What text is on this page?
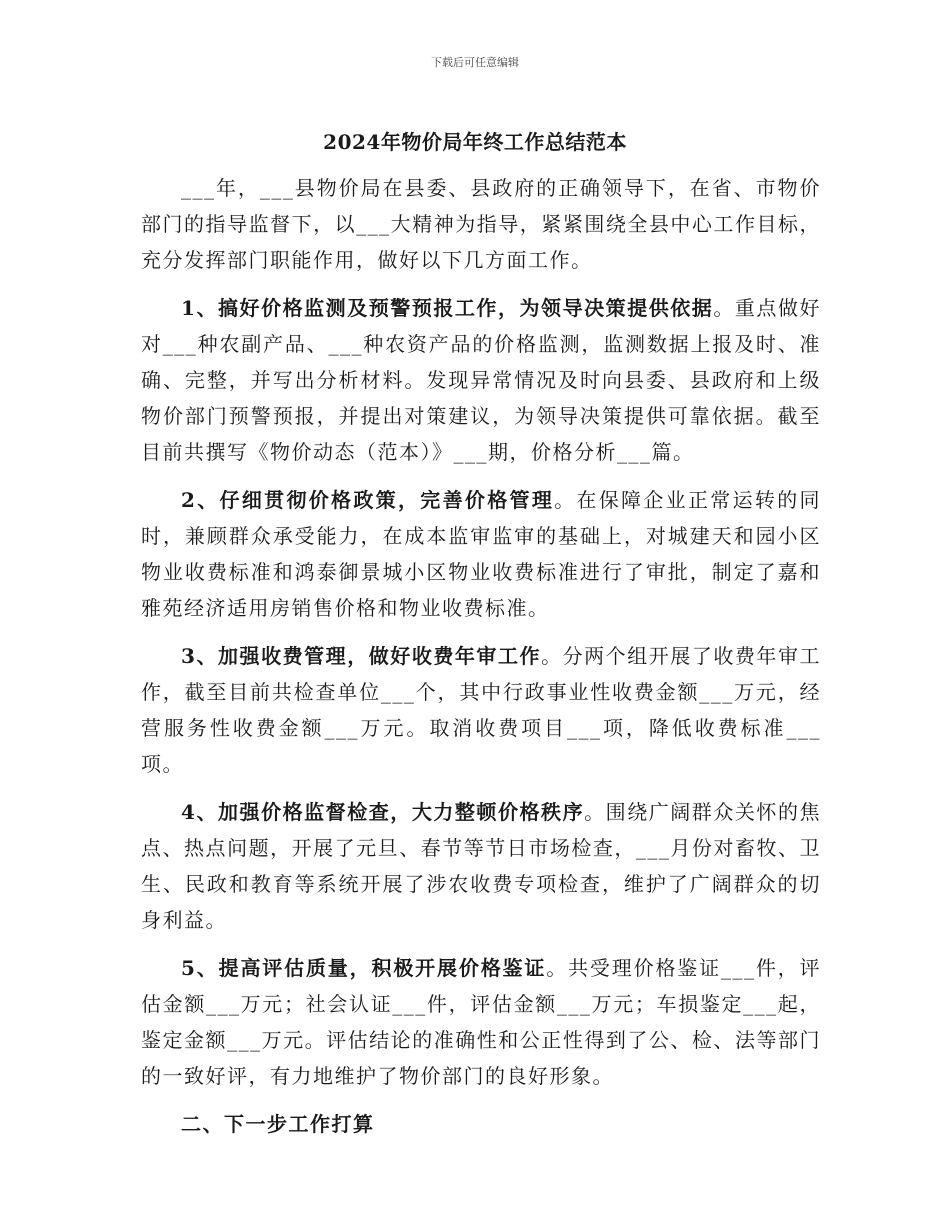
下载后可任意编辑
2024年物价局年终工作总结范本

___年，___县物价局在县委、县政府的正确领导下，在省、市物价部门的指导监督下，以___大精神为指导，紧紧围绕全县中心工作目标，充分发挥部门职能作用，做好以下几方面工作。

1、搞好价格监测及预警预报工作，为领导决策提供依据。重点做好对___种农副产品、___种农资产品的价格监测，监测数据上报及时、准确、完整，并写出分析材料。发现异常情况及时向县委、县政府和上级物价部门预警预报，并提出对策建议，为领导决策提供可靠依据。截至目前共撰写《物价动态（范本）》___期，价格分析___篇。

2、仔细贯彻价格政策，完善价格管理。在保障企业正常运转的同时，兼顾群众承受能力，在成本监审监审的基础上，对城建天和园小区物业收费标准和鸿泰御景城小区物业收费标准进行了审批，制定了嘉和雅苑经济适用房销售价格和物业收费标准。

3、加强收费管理，做好收费年审工作。分两个组开展了收费年审工作，截至目前共检查单位___个，其中行政事业性收费金额___万元，经营服务性收费金额___万元。取消收费项目___项，降低收费标准___项。

4、加强价格监督检查，大力整顿价格秩序。围绕广阔群众关怀的焦点、热点问题，开展了元旦、春节等节日市场检查，___月份对畜牧、卫生、民政和教育等系统开展了涉农收费专项检查，维护了广阔群众的切身利益。

5、提高评估质量，积极开展价格鉴证。共受理价格鉴证___件，评估金额___万元；社会认证___件，评估金额___万元；车损鉴定___起，鉴定金额___万元。评估结论的准确性和公正性得到了公、检、法等部门的一致好评，有力地维护了物价部门的良好形象。

二、下一步工作打算
